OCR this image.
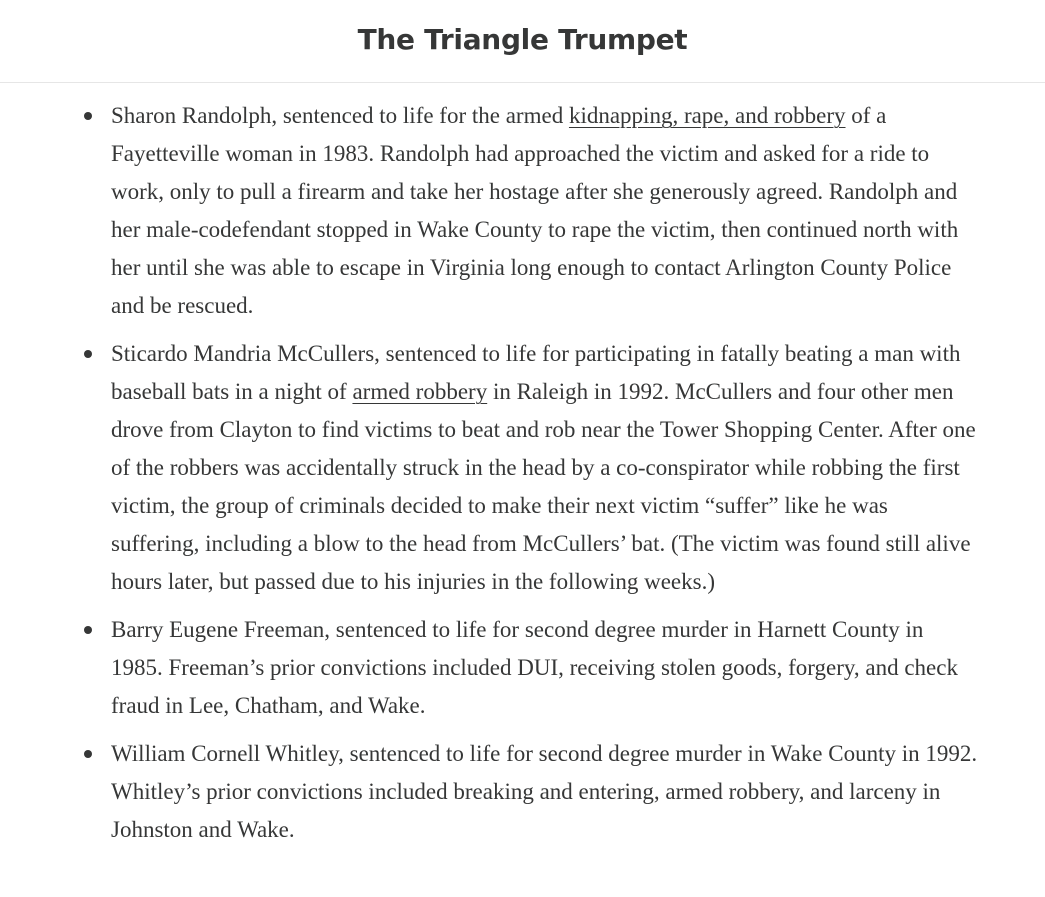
The Triangle Trumpet
Sharon Randolph, sentenced to life for the armed kidnapping, rape, and robbery of a Fayetteville woman in 1983. Randolph had approached the victim and asked for a ride to work, only to pull a firearm and take her hostage after she generously agreed. Randolph and her male-codefendant stopped in Wake County to rape the victim, then continued north with her until she was able to escape in Virginia long enough to contact Arlington County Police and be rescued.
Sticardo Mandria McCullers, sentenced to life for participating in fatally beating a man with baseball bats in a night of armed robbery in Raleigh in 1992. McCullers and four other men drove from Clayton to find victims to beat and rob near the Tower Shopping Center. After one of the robbers was accidentally struck in the head by a co-conspirator while robbing the first victim, the group of criminals decided to make their next victim “suffer” like he was suffering, including a blow to the head from McCullers’ bat. (The victim was found still alive hours later, but passed due to his injuries in the following weeks.)
Barry Eugene Freeman, sentenced to life for second degree murder in Harnett County in 1985. Freeman’s prior convictions included DUI, receiving stolen goods, forgery, and check fraud in Lee, Chatham, and Wake.
William Cornell Whitley, sentenced to life for second degree murder in Wake County in 1992. Whitley’s prior convictions included breaking and entering, armed robbery, and larceny in Johnston and Wake.
